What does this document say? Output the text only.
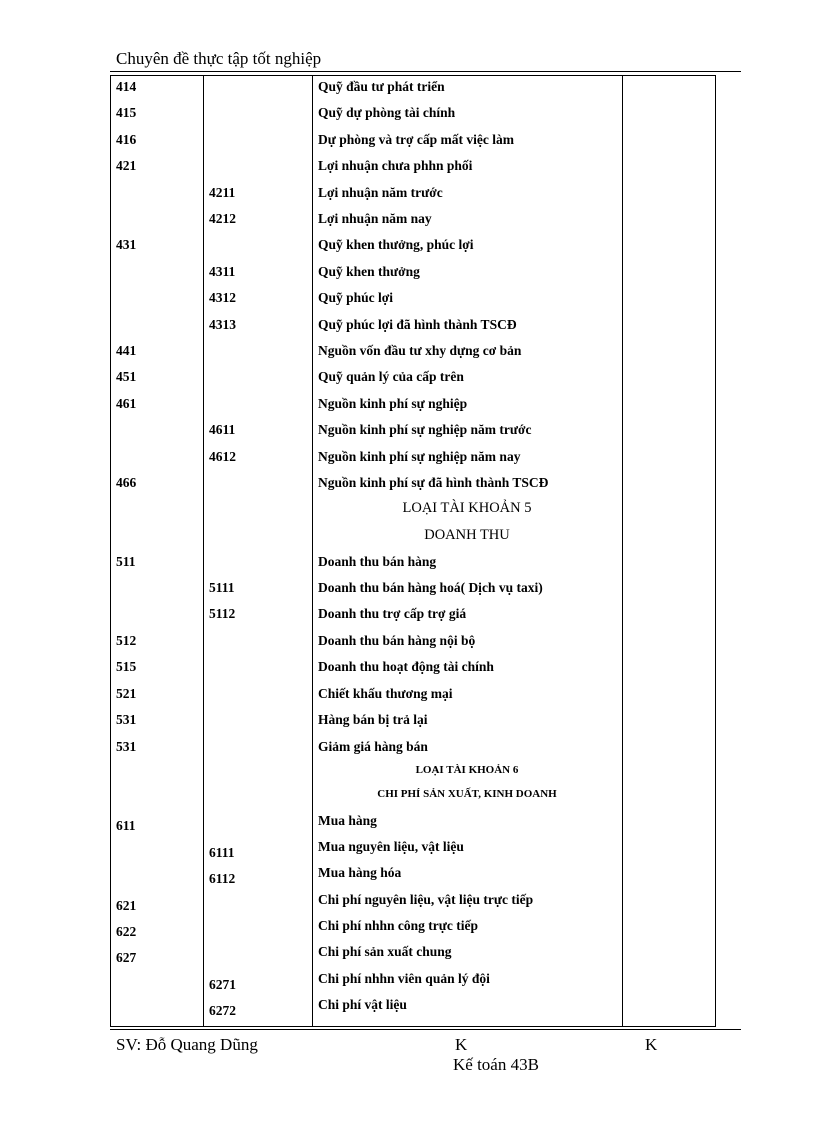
Chuyên đề thực tập tốt nghiệp
414	Quỹ đầu tư phát triển
415	Quỹ dự phòng tài chính
416	Dự phòng và trợ cấp mất việc làm
421	Lợi nhuận chưa phhn phối
4211	Lợi nhuận năm trước
4212	Lợi nhuận năm nay
431	Quỹ khen thưởng, phúc lợi
4311	Quỹ khen thưởng
4312	Quỹ phúc lợi
4313	Quỹ phúc lợi đã hình thành TSCĐ
441	Nguồn vốn đầu tư xhy dựng cơ bản
451	Quỹ quản lý của cấp trên
461	Nguồn kinh phí sự nghiệp
4611	Nguồn kinh phí sự nghiệp năm trước
4612	Nguồn kinh phí sự nghiệp năm nay
466	Nguồn kinh phí sự đã hình thành TSCĐ
LOẠI TÀI KHOẢN 5
DOANH THU
511	Doanh thu bán hàng
5111	Doanh thu bán hàng hoá( Dịch vụ taxi)
5112	Doanh thu trợ cấp trợ giá
512	Doanh thu bán hàng nội bộ
515	Doanh thu hoạt động tài chính
521	Chiết khấu thương mại
531	Hàng bán bị trả lại
531	Giảm giá hàng bán
LOẠI TÀI KHOẢN 6
CHI PHÍ SẢN XUẤT, KINH DOANH
611	Mua hàng
6111	Mua nguyên liệu, vật liệu
6112	Mua hàng hóa
621	Chi phí nguyên liệu, vật liệu trực tiếp
622	Chi phí nhhn công trực tiếp
627	Chi phí sản xuất chung
6271	Chi phí nhhn viên quản lý đội
6272	Chi phí vật liệu
SV: Đỗ Quang Dũng	K	K
Kế toán 43B
